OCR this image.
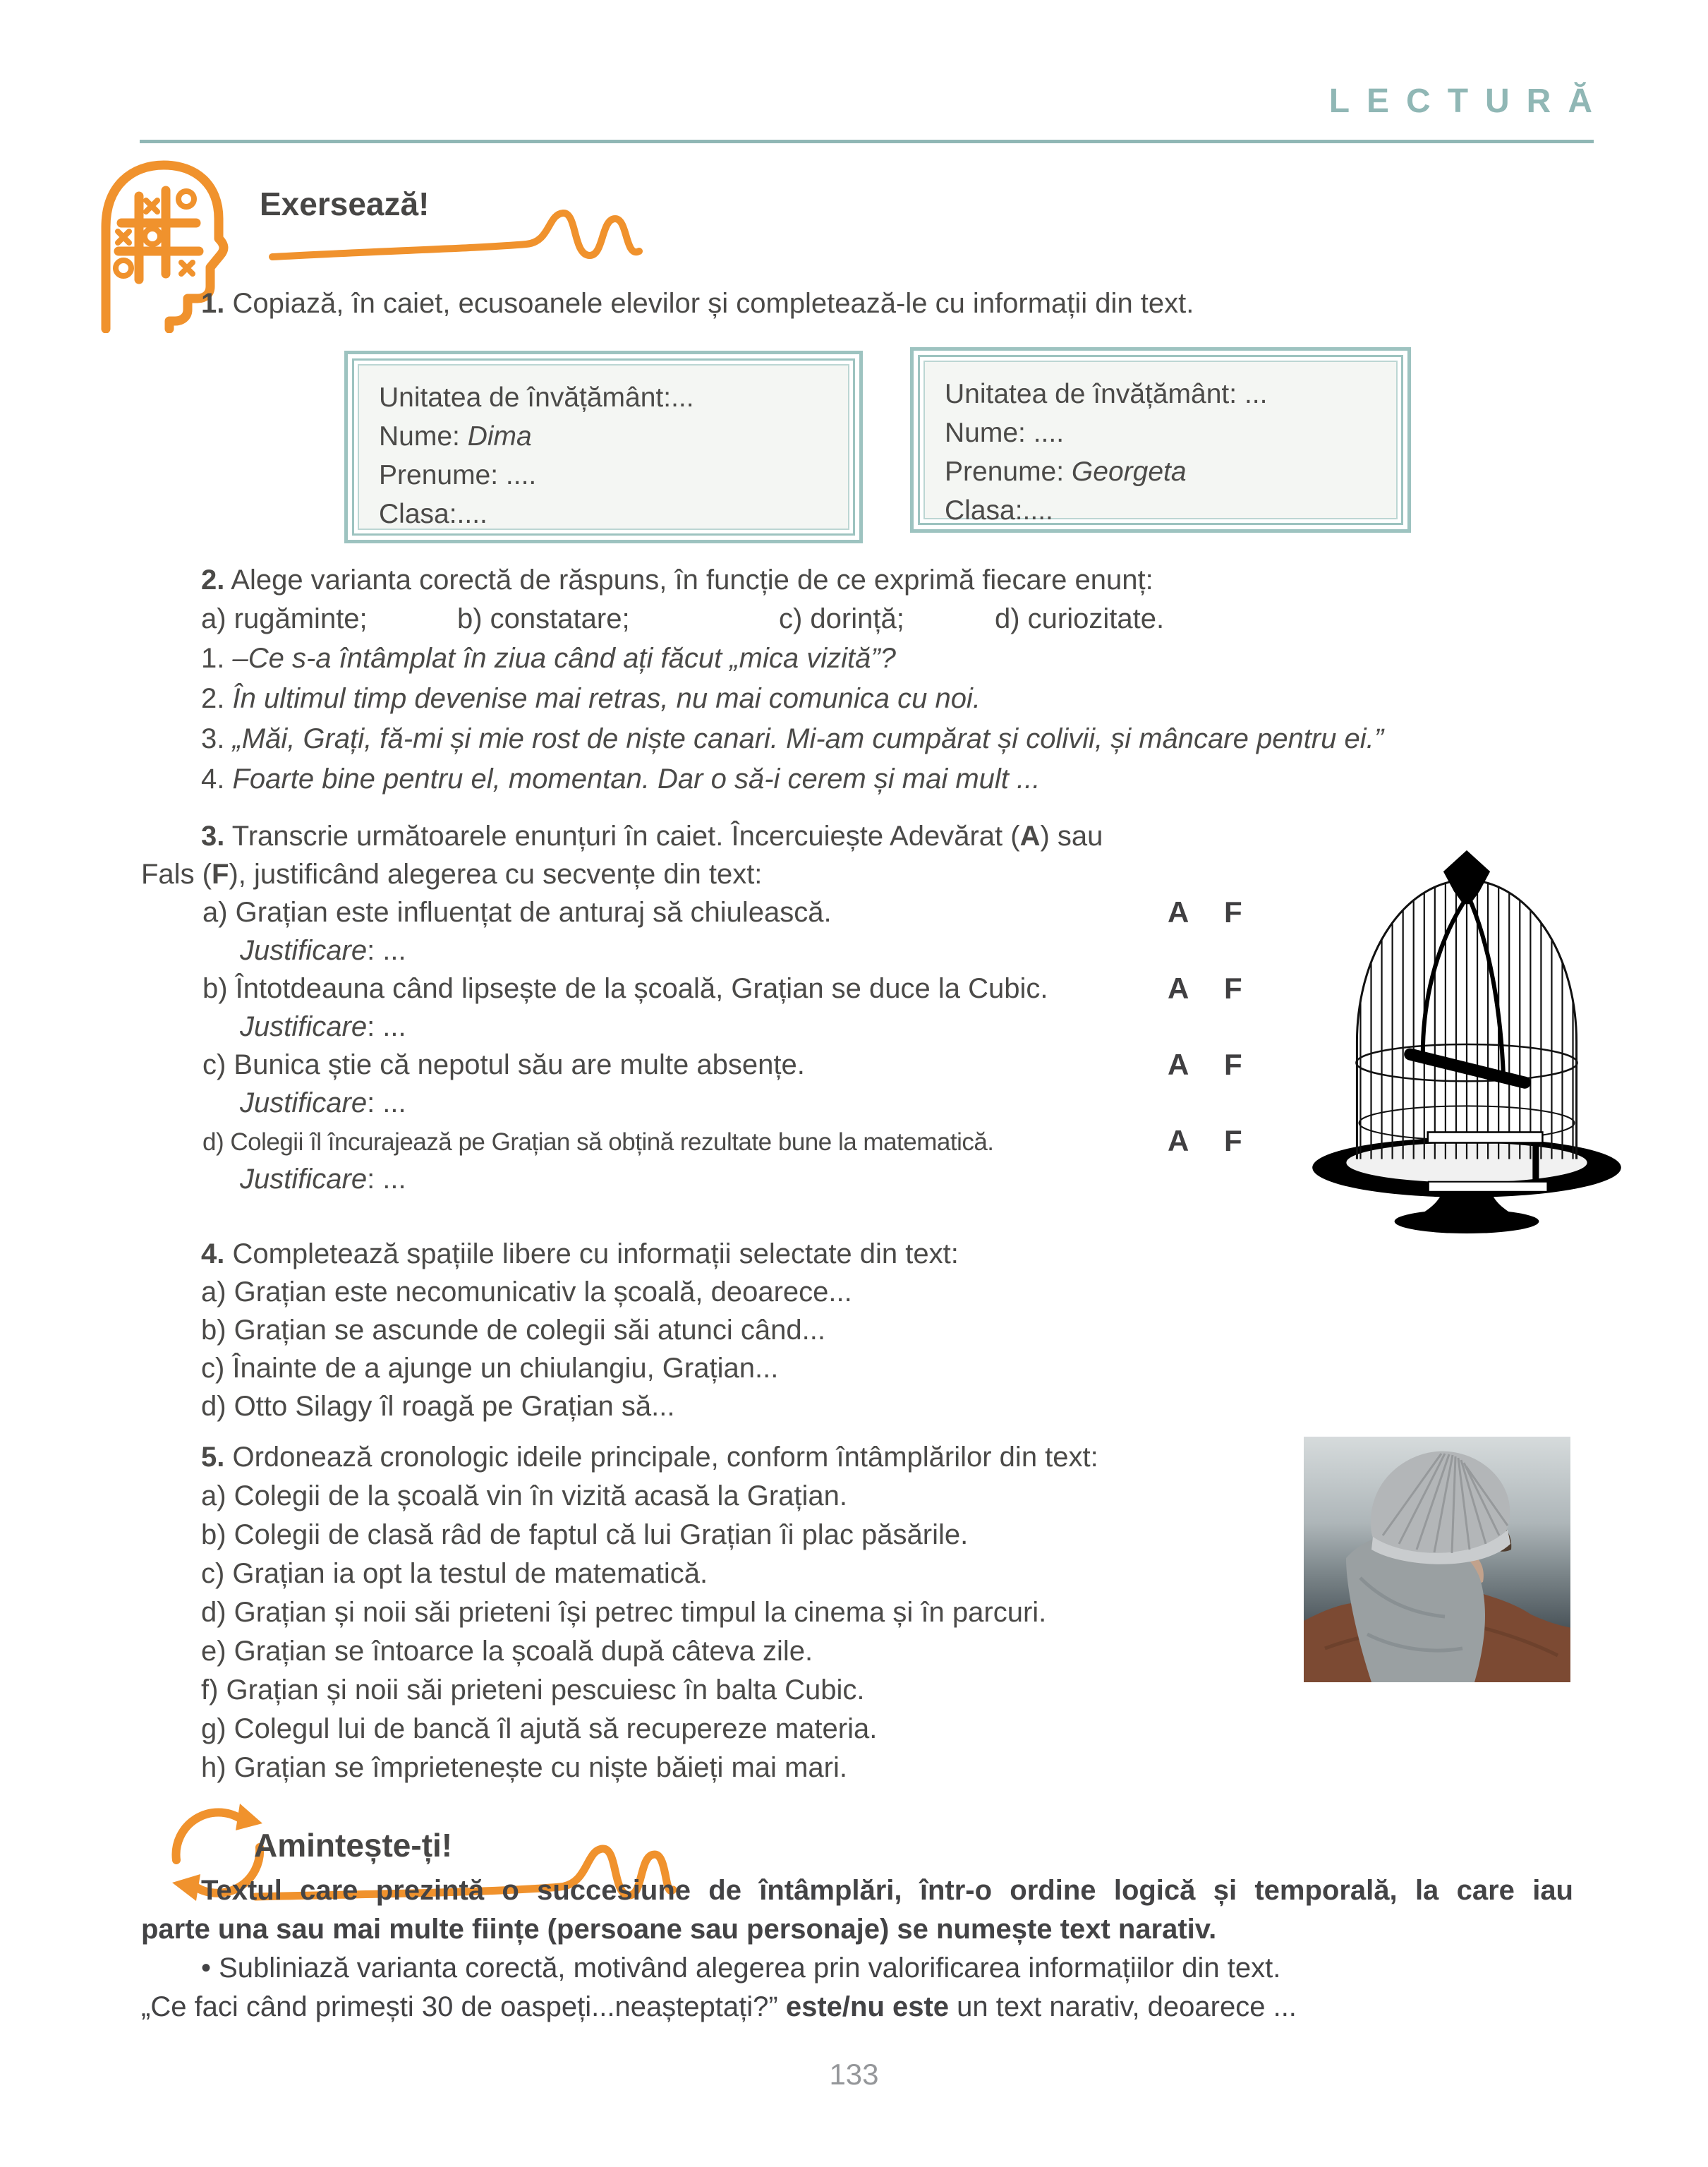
LECTURĂ
Exersează!
1. Copiază, în caiet, ecusoanele elevilor și completează-le cu informații din text.
Unitatea de învățământ:...
Nume: Dima
Prenume: ....
Clasa:....
Unitatea de învățământ: ...
Nume: ....
Prenume: Georgeta
Clasa:....
2. Alege varianta corectă de răspuns, în funcție de ce exprimă fiecare enunț:
a) rugăminte;	b) constatare;	c) dorință;	d) curiozitate.
1. –Ce s-a întâmplat în ziua când ați făcut „mica vizită”?
2. În ultimul timp devenise mai retras, nu mai comunica cu noi.
3. „Măi, Grați, fă-mi și mie rost de niște canari. Mi-am cumpărat și colivii, și mâncare pentru ei.”
4. Foarte bine pentru el, momentan. Dar o să-i cerem și mai mult ...
3. Transcrie următoarele enunțuri în caiet. Încercuiește Adevărat (A) sau
Fals (F), justificând alegerea cu secvențe din text:
a) Grațian este influențat de anturaj să chiulească.	A F
Justificare: ...
b) Întotdeauna când lipsește de la școală, Grațian se duce la Cubic.	A F
Justificare: ...
c) Bunica știe că nepotul său are multe absențe.	A F
Justificare: ...
d) Colegii îl încurajează pe Grațian să obțină rezultate bune la matematică.	A F
Justificare: ...
4. Completează spațiile libere cu informații selectate din text:
a) Grațian este necomunicativ la școală, deoarece...
b) Grațian se ascunde de colegii săi atunci când...
c) Înainte de a ajunge un chiulangiu, Grațian...
d) Otto Silagy îl roagă pe Grațian să...
5. Ordonează cronologic ideile principale, conform întâmplărilor din text:
a) Colegii de la școală vin în vizită acasă la Grațian.
b) Colegii de clasă râd de faptul că lui Grațian îi plac păsările.
c) Grațian ia opt la testul de matematică.
d) Grațian și noii săi prieteni își petrec timpul la cinema și în parcuri.
e) Grațian se întoarce la școală după câteva zile.
f) Grațian și noii săi prieteni pescuiesc în balta Cubic.
g) Colegul lui de bancă îl ajută să recupereze materia.
h) Grațian se împrietenește cu niște băieți mai mari.
Amintește-ți!
Textul care prezintă o succesiune de întâmplări, într-o ordine logică și temporală, la care iau
parte una sau mai multe ființe (persoane sau personaje) se numește text narativ.
• Subliniază varianta corectă, motivând alegerea prin valorificarea informațiilor din text.
„Ce faci când primești 30 de oaspeți...neașteptați?” este/nu este un text narativ, deoarece ...
133
